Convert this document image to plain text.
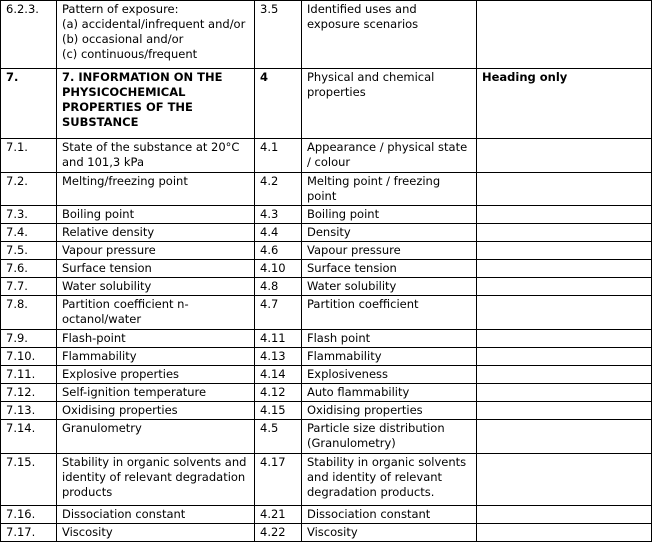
6.2.3.	Pattern of exposure:
(a) accidental/infrequent and/or
(b) occasional and/or
(c) continuous/frequent	3.5	Identified uses and
exposure scenarios	
7.	7. INFORMATION ON THE
PHYSICOCHEMICAL
PROPERTIES OF THE
SUBSTANCE	4	Physical and chemical
properties	Heading only
7.1.	State of the substance at 20°C
and 101,3 kPa	4.1	Appearance / physical state
/ colour	
7.2.	Melting/freezing point	4.2	Melting point / freezing
point	
7.3.	Boiling point	4.3	Boiling point	
7.4.	Relative density	4.4	Density	
7.5.	Vapour pressure	4.6	Vapour pressure	
7.6.	Surface tension	4.10	Surface tension	
7.7.	Water solubility	4.8	Water solubility	
7.8.	Partition coefficient n-
octanol/water	4.7	Partition coefficient	
7.9.	Flash-point	4.11	Flash point	
7.10.	Flammability	4.13	Flammability	
7.11.	Explosive properties	4.14	Explosiveness	
7.12.	Self-ignition temperature	4.12	Auto flammability	
7.13.	Oxidising properties	4.15	Oxidising properties	
7.14.	Granulometry	4.5	Particle size distribution
(Granulometry)	
7.15.	Stability in organic solvents and
identity of relevant degradation
products	4.17	Stability in organic solvents
and identity of relevant
degradation products.	
7.16.	Dissociation constant	4.21	Dissociation constant	
7.17.	Viscosity	4.22	Viscosity	
